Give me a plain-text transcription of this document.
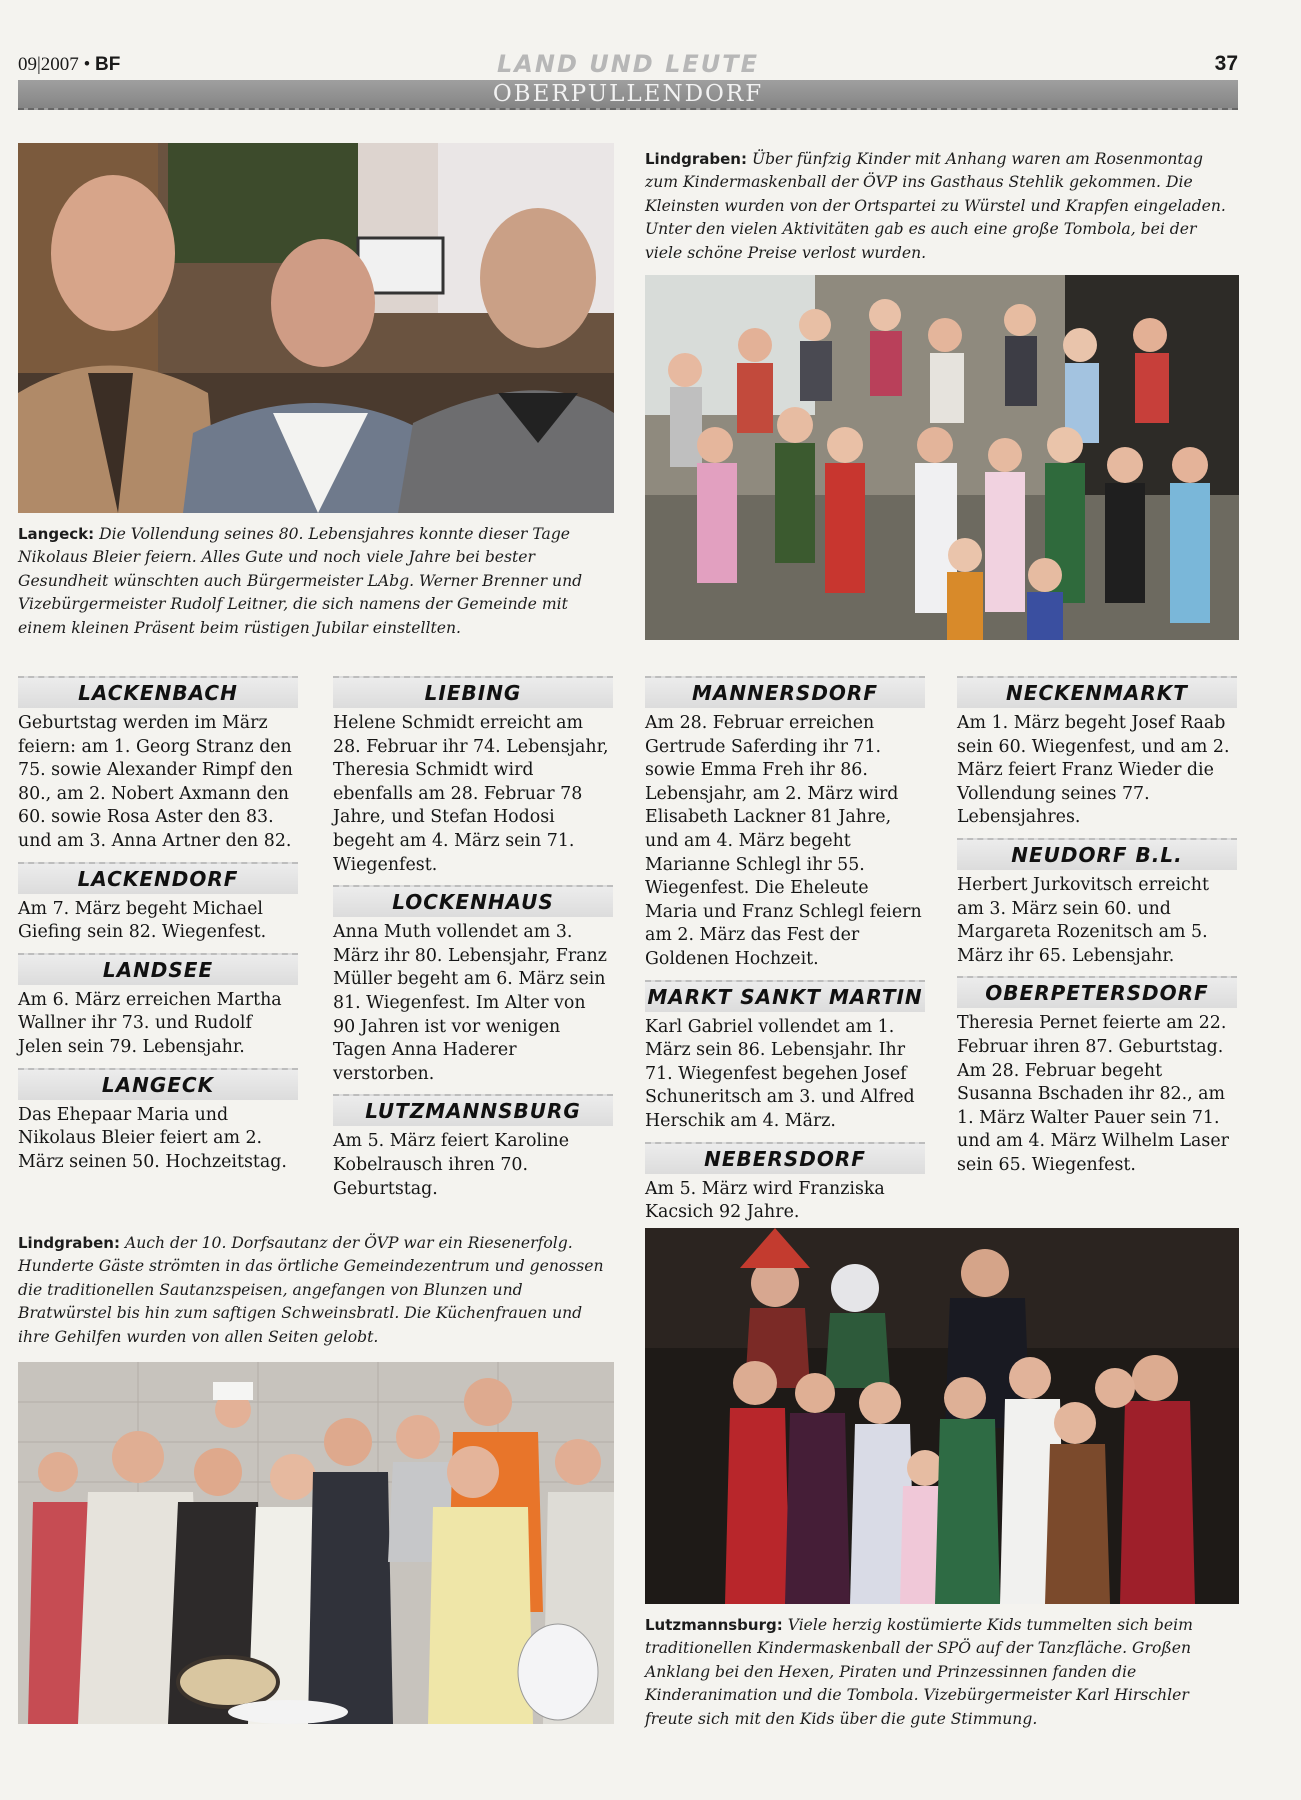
09|2007 • BF	LAND UND LEUTE	37
OBERPULLENDORF
Langeck: Die Vollendung seines 80. Lebensjahres konnte dieser Tage Nikolaus Bleier feiern. Alles Gute und noch viele Jahre bei bester Gesundheit wünschten auch Bürgermeister LAbg. Werner Brenner und Vizebürgermeister Rudolf Leitner, die sich namens der Gemeinde mit einem kleinen Präsent beim rüstigen Jubilar einstellten.
Lindgraben: Über fünfzig Kinder mit Anhang waren am Rosenmontag zum Kindermaskenball der ÖVP ins Gasthaus Stehlik gekommen. Die Kleinsten wurden von der Ortspartei zu Würstel und Krapfen eingeladen. Unter den vielen Aktivitäten gab es auch eine große Tombola, bei der viele schöne Preise verlost wurden.
LACKENBACH

Geburtstag werden im März feiern: am 1. Georg Stranz den 75. sowie Alexander Rimpf den 80., am 2. Nobert Axmann den 60. sowie Rosa Aster den 83. und am 3. Anna Artner den 82.

LACKENDORF

Am 7. März begeht Michael Giefing sein 82. Wiegenfest.

LANDSEE

Am 6. März erreichen Martha Wallner ihr 73. und Rudolf Jelen sein 79. Lebensjahr.

LANGECK

Das Ehepaar Maria und Nikolaus Bleier feiert am 2. März seinen 50. Hochzeitstag.

LIEBING

Helene Schmidt erreicht am 28. Februar ihr 74. Lebensjahr, Theresia Schmidt wird ebenfalls am 28. Februar 78 Jahre, und Stefan Hodosi begeht am 4. März sein 71. Wiegenfest.

LOCKENHAUS

Anna Muth vollendet am 3. März ihr 80. Lebensjahr, Franz Müller begeht am 6. März sein 81. Wiegenfest. Im Alter von 90 Jahren ist vor wenigen Tagen Anna Haderer verstorben.

LUTZMANNSBURG

Am 5. März feiert Karoline Kobelrausch ihren 70. Geburtstag.

MANNERSDORF

Am 28. Februar erreichen Gertrude Saferding ihr 71. sowie Emma Freh ihr 86. Lebensjahr, am 2. März wird Elisabeth Lackner 81 Jahre, und am 4. März begeht Marianne Schlegl ihr 55. Wiegenfest. Die Eheleute Maria und Franz Schlegl feiern am 2. März das Fest der Goldenen Hochzeit.

MARKT SANKT MARTIN

Karl Gabriel vollendet am 1. März sein 86. Lebensjahr. Ihr 71. Wiegenfest begehen Josef Schuneritsch am 3. und Alfred Herschik am 4. März.

NEBERSDORF

Am 5. März wird Franziska Kacsich 92 Jahre.

NECKENMARKT

Am 1. März begeht Josef Raab sein 60. Wiegenfest, und am 2. März feiert Franz Wieder die Vollendung seines 77. Lebensjahres.

NEUDORF B.L.

Herbert Jurkovitsch erreicht am 3. März sein 60. und Margareta Rozenitsch am 5. März ihr 65. Lebensjahr.

OBERPETERSDORF

Theresia Pernet feierte am 22. Februar ihren 87. Geburtstag. Am 28. Februar begeht Susanna Bschaden ihr 82., am 1. März Walter Pauer sein 71. und am 4. März Wilhelm Laser sein 65. Wiegenfest.

Lindgraben: Auch der 10. Dorfsautanz der ÖVP war ein Riesenerfolg. Hunderte Gäste strömten in das örtliche Gemeindezentrum und genossen die traditionellen Sautanzspeisen, angefangen von Blunzen und Bratwürstel bis hin zum saftigen Schweinsbratl. Die Küchenfrauen und ihre Gehilfen wurden von allen Seiten gelobt.
Lutzmannsburg: Viele herzig kostümierte Kids tummelten sich beim traditionellen Kindermaskenball der SPÖ auf der Tanzfläche. Großen Anklang bei den Hexen, Piraten und Prinzessinnen fanden die Kinderanimation und die Tombola. Vizebürgermeister Karl Hirschler freute sich mit den Kids über die gute Stimmung.
